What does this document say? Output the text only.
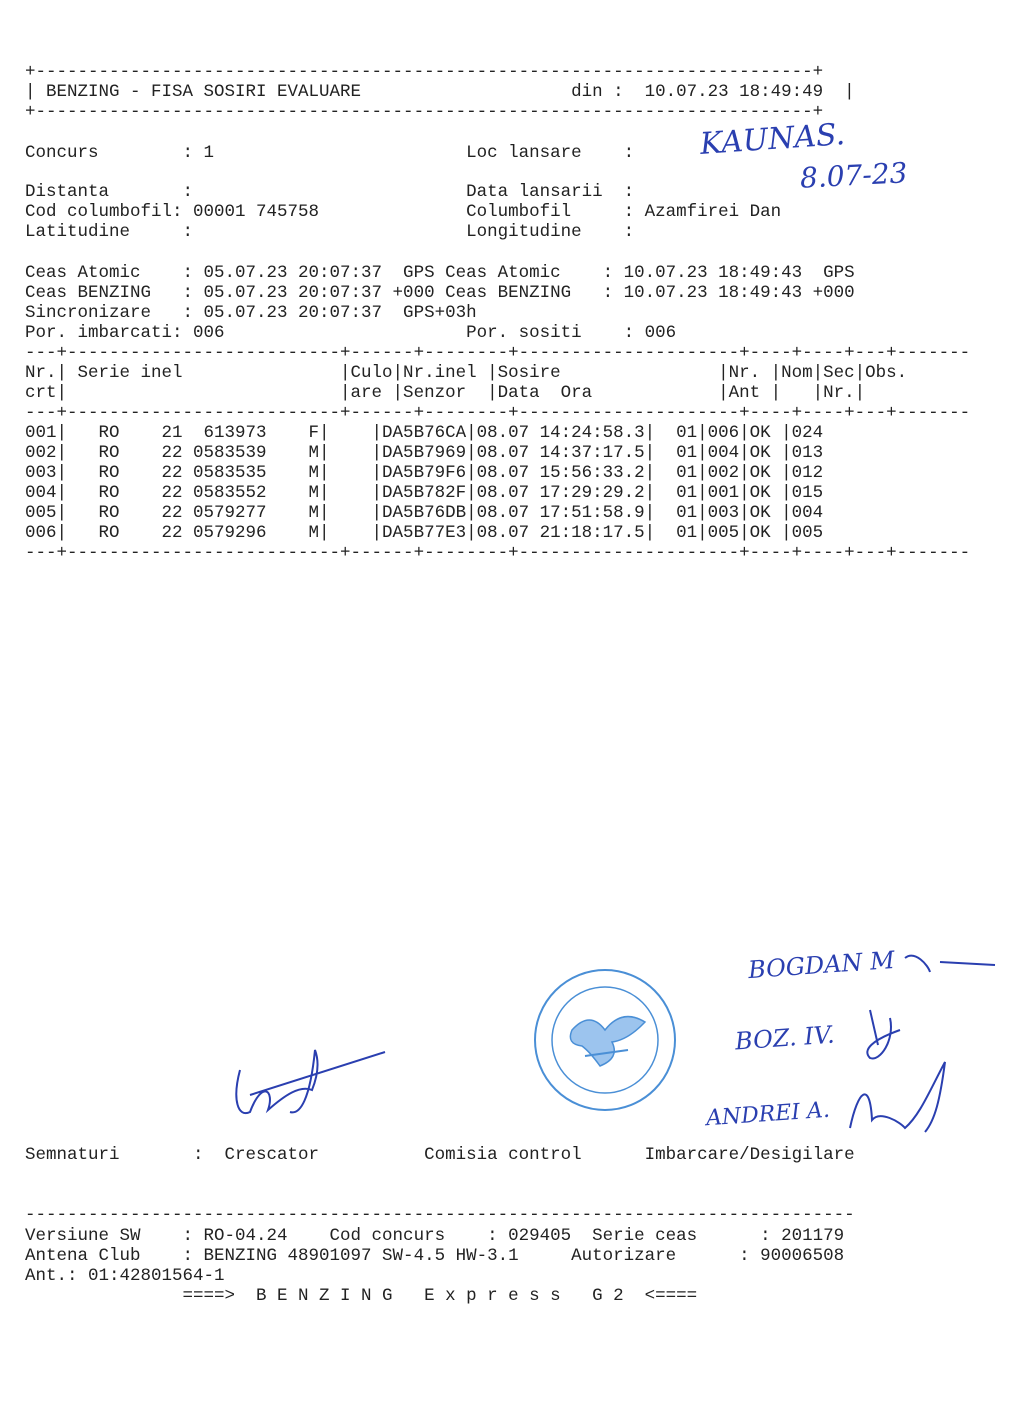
+--------------------------------------------------------------------------+
| BENZING - FISA SOSIRI EVALUARE                    din :  10.07.23 18:49:49  |
+--------------------------------------------------------------------------+
Concurs        : 1                        Loc lansare    :
Distanta       :                          Data lansarii  :
Cod columbofil: 00001 745758              Columbofil     : Azamfirei Dan
Latitudine     :                          Longitudine    :
KAUNAS.
8.07-23
Ceas Atomic    : 05.07.23 20:07:37  GPS Ceas Atomic    : 10.07.23 18:49:43  GPS
Ceas BENZING   : 05.07.23 20:07:37 +000 Ceas BENZING   : 10.07.23 18:49:43 +000
Sincronizare   : 05.07.23 20:07:37  GPS+03h
Por. imbarcati: 006                       Por. sositi    : 006
---+--------------------------+------+--------+---------------------+----+----+---+-------
Nr.| Serie inel               |Culo|Nr.inel |Sosire               |Nr. |Nom|Sec|Obs.
crt|                          |are |Senzor  |Data  Ora            |Ant |   |Nr.|
---+--------------------------+------+--------+---------------------+----+----+---+-------
001|   RO    21  613973    F|    |DA5B76CA|08.07 14:24:58.3|  01|006|OK |024
002|   RO    22 0583539    M|    |DA5B7969|08.07 14:37:17.5|  01|004|OK |013
003|   RO    22 0583535    M|    |DA5B79F6|08.07 15:56:33.2|  01|002|OK |012
004|   RO    22 0583552    M|    |DA5B782F|08.07 17:29:29.2|  01|001|OK |015
005|   RO    22 0579277    M|    |DA5B76DB|08.07 17:51:58.9|  01|003|OK |004
006|   RO    22 0579296    M|    |DA5B77E3|08.07 21:18:17.5|  01|005|OK |005
---+--------------------------+------+--------+---------------------+----+----+---+-------
BOGDAN M
BOZ. IV.
ANDREI A.
Semnaturi       :  Crescator          Comisia control      Imbarcare/Desigilare
-------------------------------------------------------------------------------
Versiune SW    : RO-04.24    Cod concurs    : 029405  Serie ceas      : 201179
Antena Club    : BENZING 48901097 SW-4.5 HW-3.1     Autorizare      : 90006508
Ant.: 01:42801564-1
====>  B E N Z I N G   E x p r e s s   G 2  <====
